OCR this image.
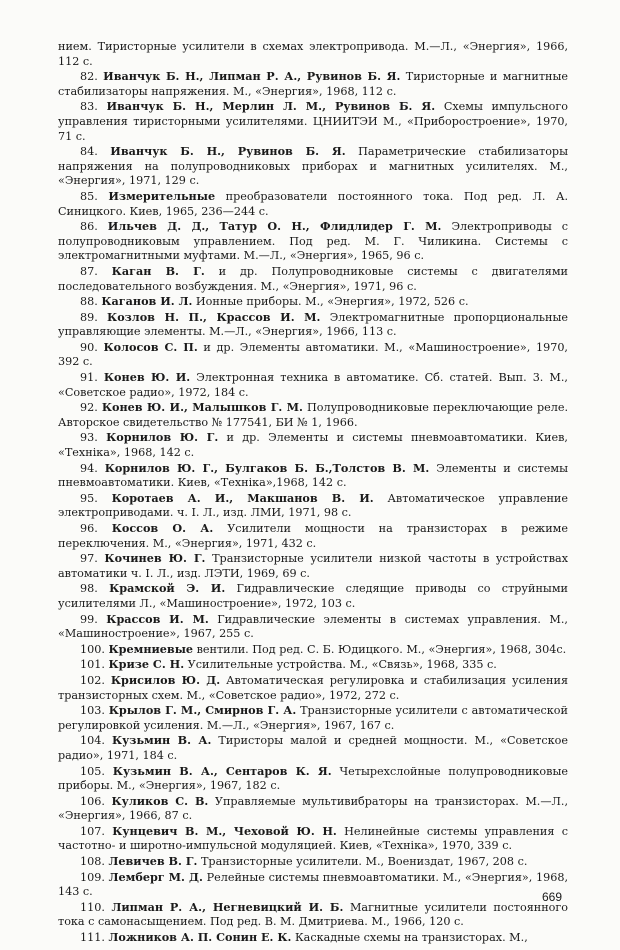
нием. Тиристорные усилители в схемах электропривода. М.—Л., «Энергия», 1966, 112 с.
82. Иванчук Б. Н., Липман Р. А., Рувинов Б. Я. Тиристорные и магнитные стабилизаторы напряжения. М., «Энергия», 1968, 112 с.
83. Иванчук Б. Н., Мерлин Л. М., Рувинов Б. Я. Схемы импульсного управления тиристорными усилителями. ЦНИИТЭИ М., «Приборостроение», 1970, 71 с.
84. Иванчук Б. Н., Рувинов Б. Я. Параметрические стабилизаторы напряжения на полупроводниковых приборах и магнитных усилителях. М., «Энергия», 1971, 129 с.
85. Измерительные преобразователи постоянного тока. Под ред. Л. А. Синицкого. Киев, 1965, 236—244 с.
86. Ильчев Д. Д., Татур О. Н., Флидлидер Г. М. Электроприводы с полупроводниковым управлением. Под ред. М. Г. Чиликина. Системы с электромагнитными муфтами. М.—Л., «Энергия», 1965, 96 с.
87. Каган В. Г. и др. Полупроводниковые системы с двигателями последовательного возбуждения. М., «Энергия», 1971, 96 с.
88. Каганов И. Л. Ионные приборы. М., «Энергия», 1972, 526 с.
89. Козлов Н. П., Крассов И. М. Электромагнитные пропорциональные управляющие элементы. М.—Л., «Энергия», 1966, 113 с.
90. Колосов С. П. и др. Элементы автоматики. М., «Машиностроение», 1970, 392 с.
91. Конев Ю. И. Электронная техника в автоматике. Сб. статей. Вып. 3. М., «Советское радио», 1972, 184 с.
92. Конев Ю. И., Малышков Г. М. Полупроводниковые переключающие реле. Авторское свидетельство № 177541, БИ № 1, 1966.
93. Корнилов Ю. Г. и др. Элементы и системы пневмоавтоматики. Киев, «Техніка», 1968, 142 с.
94. Корнилов Ю. Г., Булгаков Б. Б.,Толстов В. М. Элементы и системы пневмоавтоматики. Киев, «Техніка»,1968, 142 с.
95. Коротаев А. И., Макшанов В. И. Автоматическое управление электроприводами. ч. I. Л., изд. ЛМИ, 1971, 98 с.
96. Коссов О. А. Усилители мощности на транзисторах в режиме переключения. М., «Энергия», 1971, 432 с.
97. Кочинев Ю. Г. Транзисторные усилители низкой частоты в устройствах автоматики ч. I. Л., изд. ЛЭТИ, 1969, 69 с.
98. Крамской Э. И. Гидравлические следящие приводы со струйными усилителями Л., «Машиностроение», 1972, 103 с.
99. Крассов И. М. Гидравлические элементы в системах управления. М., «Машиностроение», 1967, 255 с.
100. Кремниевые вентили. Под ред. С. Б. Юдицкого. М., «Энергия», 1968, 304с.
101. Кризе С. Н. Усилительные устройства. М., «Связь», 1968, 335 с.
102. Крисилов Ю. Д. Автоматическая регулировка и стабилизация усиления транзисторных схем. М., «Советское радио», 1972, 272 с.
103. Крылов Г. М., Смирнов Г. А. Транзисторные усилители с автоматической регулировкой усиления. М.—Л., «Энергия», 1967, 167 с.
104. Кузьмин В. А. Тиристоры малой и средней мощности. М., «Советское радио», 1971, 184 с.
105. Кузьмин В. А., Сентаров К. Я. Четырехслойные полупроводниковые приборы. М., «Энергия», 1967, 182 с.
106. Куликов С. В. Управляемые мультивибраторы на транзисторах. М.—Л., «Энергия», 1966, 87 с.
107. Кунцевич В. М., Чеховой Ю. Н. Нелинейные системы управления с частотно- и широтно-импульсной модуляцией. Киев, «Техніка», 1970, 339 с.
108. Левичев В. Г. Транзисторные усилители. М., Воениздат, 1967, 208 с.
109. Лемберг М. Д. Релейные системы пневмоавтоматики. М., «Энергия», 1968, 143 с.
110. Липман Р. А., Негневицкий И. Б. Магнитные усилители постоянного тока с самонасыщением. Под ред. В. М. Дмитриева. М., 1966, 120 с.
111. Ложников А. П. Сонин Е. К. Каскадные схемы на транзисторах. М.,
669
